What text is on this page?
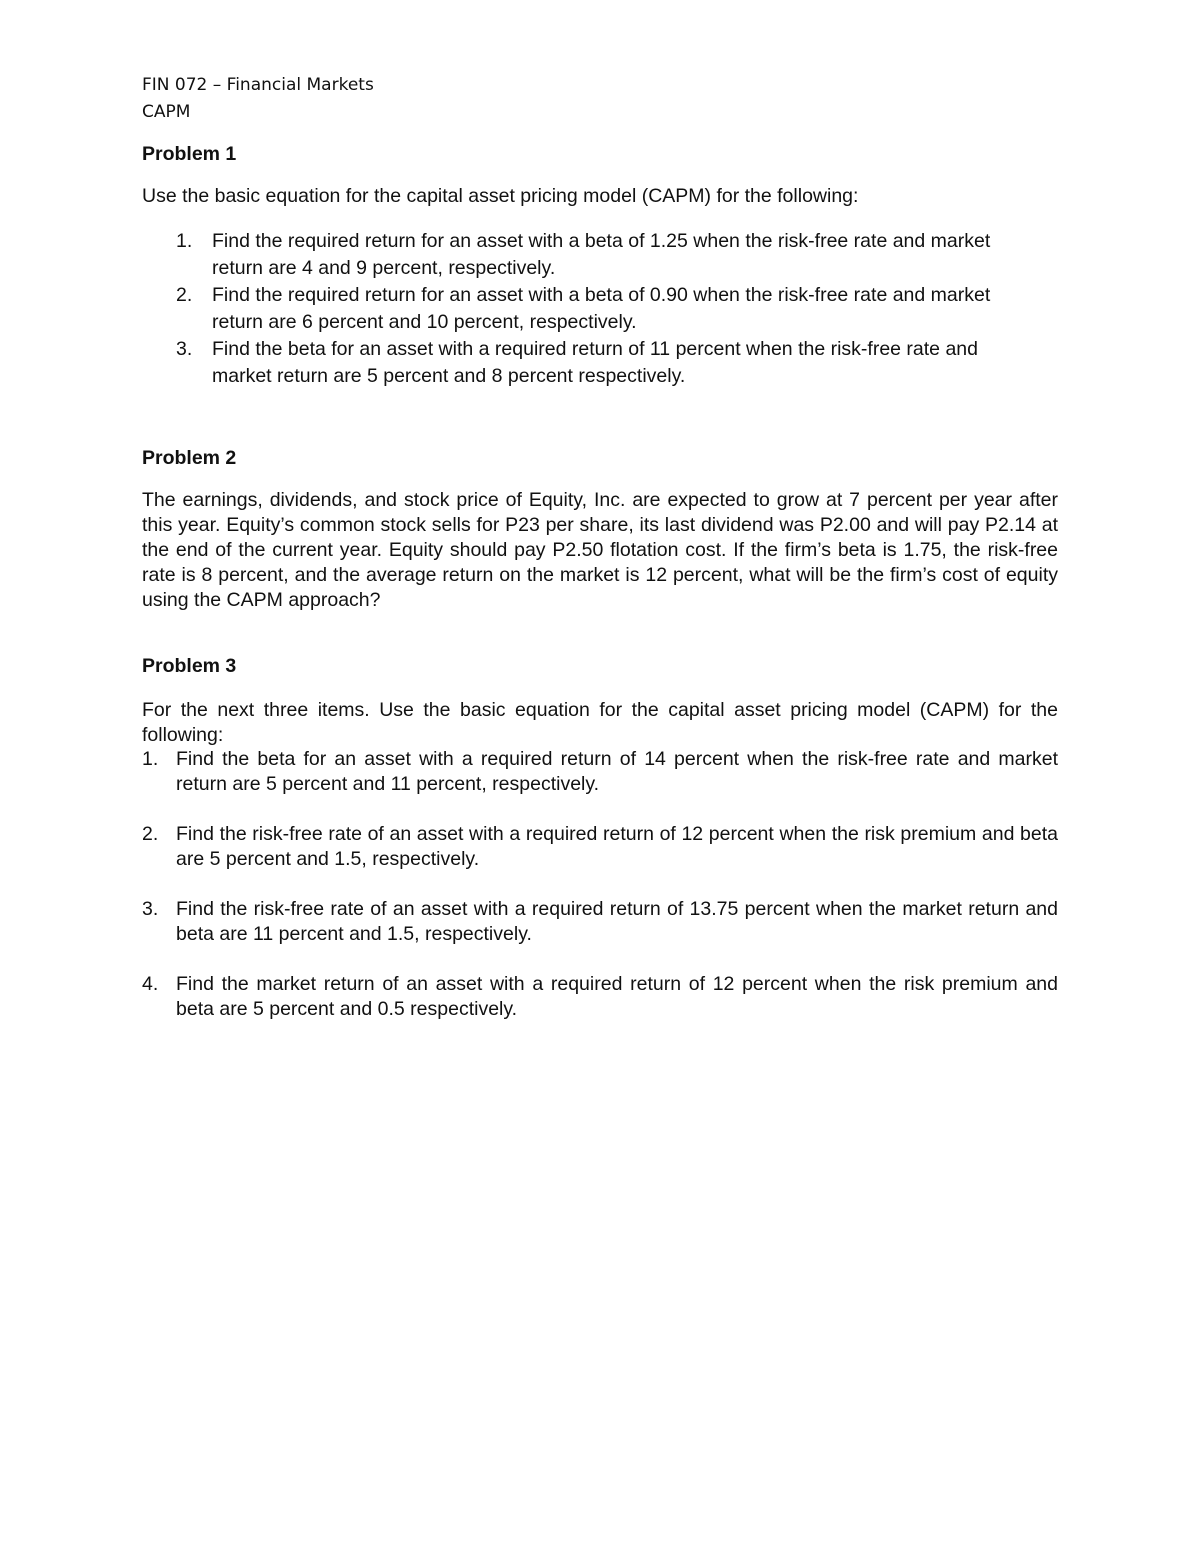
FIN 072 – Financial Markets
CAPM
Problem 1
Use the basic equation for the capital asset pricing model (CAPM) for the following:
1. Find the required return for an asset with a beta of 1.25 when the risk-free rate and market return are 4 and 9 percent, respectively.
2. Find the required return for an asset with a beta of 0.90 when the risk-free rate and market return are 6 percent and 10 percent, respectively.
3. Find the beta for an asset with a required return of 11 percent when the risk-free rate and market return are 5 percent and 8 percent respectively.
Problem 2
The earnings, dividends, and stock price of Equity, Inc. are expected to grow at 7 percent per year after this year. Equity’s common stock sells for P23 per share, its last dividend was P2.00 and will pay P2.14 at the end of the current year. Equity should pay P2.50 flotation cost. If the firm’s beta is 1.75, the risk-free rate is 8 percent, and the average return on the market is 12 percent, what will be the firm’s cost of equity using the CAPM approach?
Problem 3
For the next three items. Use the basic equation for the capital asset pricing model (CAPM) for the following:
1. Find the beta for an asset with a required return of 14 percent when the risk-free rate and market return are 5 percent and 11 percent, respectively.
2. Find the risk-free rate of an asset with a required return of 12 percent when the risk premium and beta are 5 percent and 1.5, respectively.
3. Find the risk-free rate of an asset with a required return of 13.75 percent when the market return and beta are 11 percent and 1.5, respectively.
4. Find the market return of an asset with a required return of 12 percent when the risk premium and beta are 5 percent and 0.5 respectively.
